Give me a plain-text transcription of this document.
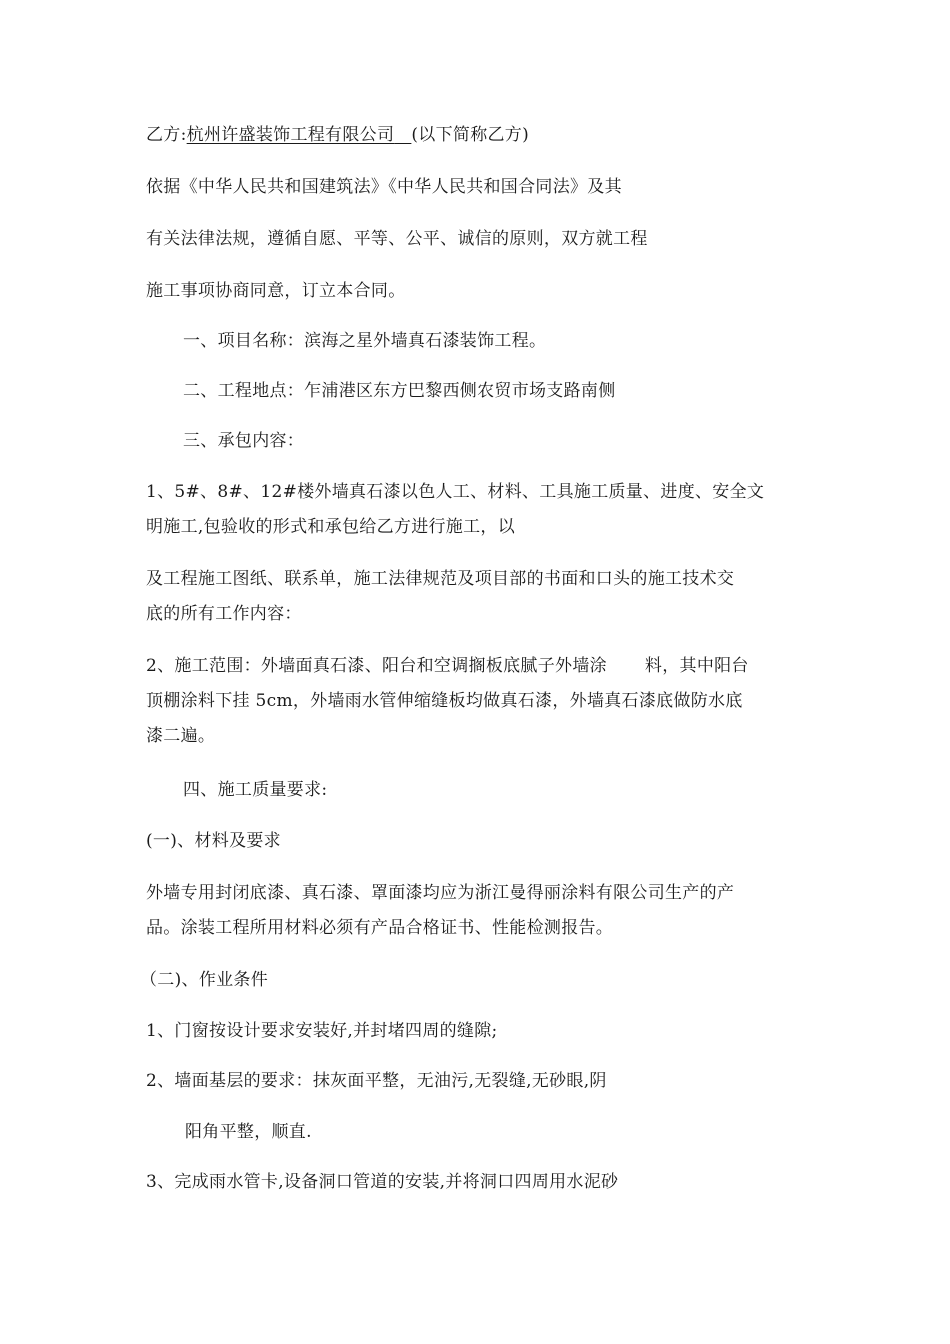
乙方:杭州许盛装饰工程有限公司 (以下简称乙方)
依据《中华人民共和国建筑法》《中华人民共和国合同法》及其
有关法律法规，遵循自愿、平等、公平、诚信的原则，双方就工程
施工事项协商同意，订立本合同。
一、项目名称：滨海之星外墙真石漆装饰工程。
二、工程地点：乍浦港区东方巴黎西侧农贸市场支路南侧
三、承包内容：
1、5#、8#、12#楼外墙真石漆以色人工、材料、工具施工质量、进度、安全文
明施工,包验收的形式和承包给乙方进行施工，以
及工程施工图纸、联系单，施工法律规范及项目部的书面和口头的施工技术交
底的所有工作内容：
2、施工范围：外墙面真石漆、阳台和空调搁板底腻子外墙涂 料，其中阳台
顶棚涂料下挂 5cm，外墙雨水管伸缩缝板均做真石漆，外墙真石漆底做防水底
漆二遍。
四、施工质量要求:
(一)、材料及要求
外墙专用封闭底漆、真石漆、罩面漆均应为浙江曼得丽涂料有限公司生产的产
品。涂装工程所用材料必须有产品合格证书、性能检测报告。
（二)、作业条件
1、门窗按设计要求安装好,并封堵四周的缝隙;
2、墙面基层的要求：抹灰面平整，无油污,无裂缝,无砂眼,阴
阳角平整，顺直.
3、完成雨水管卡,设备洞口管道的安装,并将洞口四周用水泥砂
